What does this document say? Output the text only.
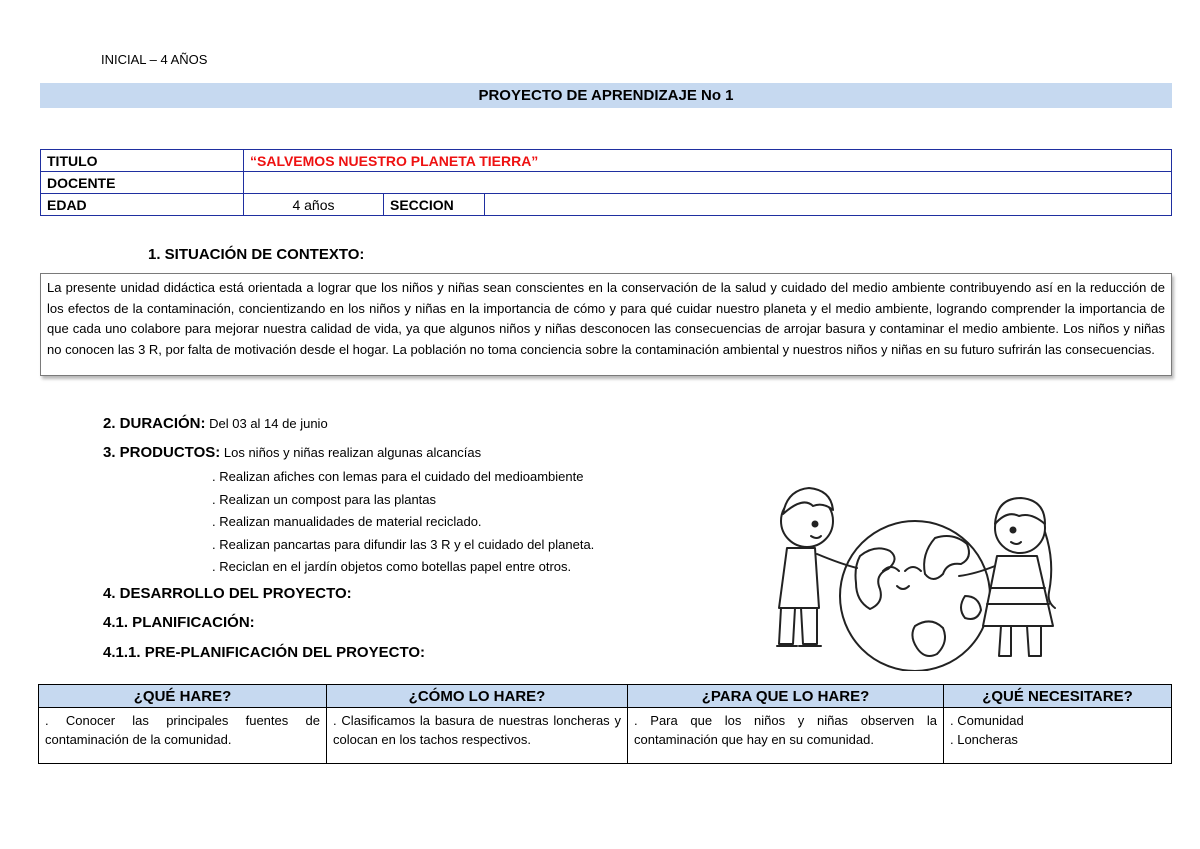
INICIAL – 4 AÑOS
PROYECTO DE APRENDIZAJE No 1
TITULO	“SALVEMOS NUESTRO PLANETA TIERRA”		
DOCENTE			
EDAD	4 años	SECCION	
1. SITUACIÓN DE CONTEXTO:
La presente unidad didáctica está orientada a lograr que los niños y niñas sean conscientes en la conservación de la salud y cuidado del medio ambiente contribuyendo así en la reducción de los efectos de la contaminación, concientizando en los niños y niñas en la importancia de cómo y para qué cuidar nuestro planeta y el medio ambiente, logrando comprender la importancia de que cada uno colabore para mejorar nuestra calidad de vida, ya que algunos niños y niñas desconocen las consecuencias de arrojar basura y contaminar el medio ambiente. Los niños y niñas no conocen las 3 R, por falta de motivación desde el hogar. La población no toma conciencia sobre la contaminación ambiental y nuestros niños y niñas en su futuro sufrirán las consecuencias.
2. DURACIÓN: Del 03 al 14 de junio
3. PRODUCTOS: Los niños y niñas realizan algunas alcancías
. Realizan afiches con lemas para el cuidado del medioambiente
. Realizan un compost para las plantas
. Realizan manualidades de material reciclado.
. Realizan pancartas para difundir las 3 R y el cuidado del planeta.
. Reciclan en el jardín objetos como botellas papel entre otros.
4. DESARROLLO DEL PROYECTO:
4.1. PLANIFICACIÓN:
4.1.1. PRE-PLANIFICACIÓN DEL PROYECTO:
¿QUÉ HARE?	¿CÓMO LO HARE?	¿PARA QUE LO HARE?	¿QUÉ NECESITARE?
. Conocer las principales fuentes de contaminación de la comunidad.	. Clasificamos la basura de nuestras loncheras y colocan en los tachos respectivos.	. Para que los niños y niñas observen la contaminación que hay en su comunidad.	. Comunidad
. Loncheras
